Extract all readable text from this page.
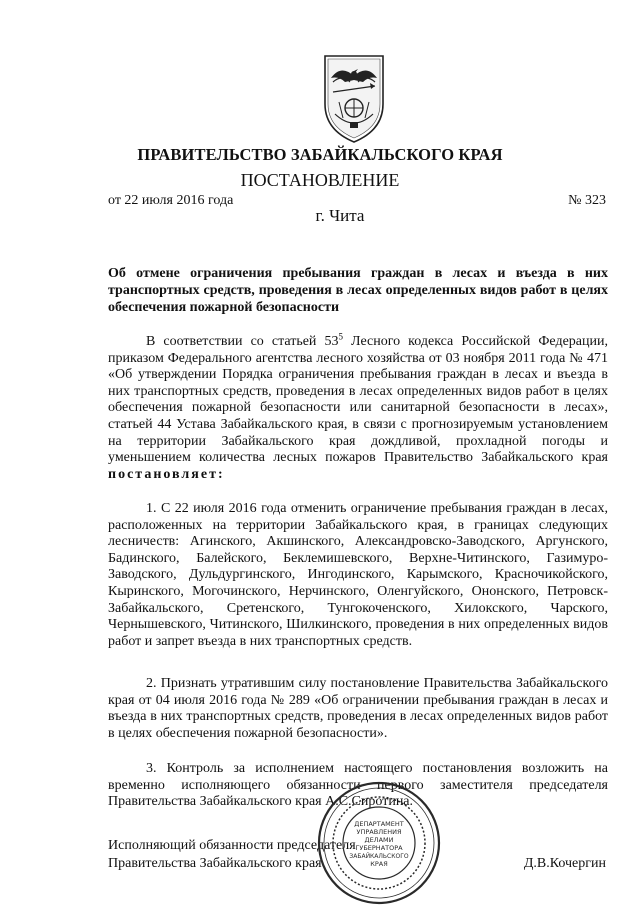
ПРАВИТЕЛЬСТВО ЗАБАЙКАЛЬСКОГО КРАЯ
ПОСТАНОВЛЕНИЕ
от 22 июля 2016 года	№ 323
г. Чита
Об отмене ограничения пребывания граждан в лесах и въезда в них транспортных средств, проведения в лесах определенных видов работ в целях обеспечения пожарной безопасности

В соответствии со статьей $53^5$ Лесного кодекса Российской Федерации, приказом Федерального агентства лесного хозяйства от 03 ноября 2011 года № 471 «Об утверждении Порядка ограничения пребывания граждан в лесах и въезда в них транспортных средств, проведения в лесах определенных видов работ в целях обеспечения пожарной безопасности или санитарной безопасности в лесах», статьей 44 Устава Забайкальского края, в связи с прогнозируемым установлением на территории Забайкальского края дождливой, прохладной погоды и уменьшением количества лесных пожаров Правительство Забайкальского края постановляет:

1. С 22 июля 2016 года отменить ограничение пребывания граждан в лесах, расположенных на территории Забайкальского края, в границах следующих лесничеств: Агинского, Акшинского, Александровско-Заводского, Аргунского, Бадинского, Балейского, Беклемишевского, Верхне-Читинского, Газимуро-Заводского, Дульдургинского, Ингодинского, Карымского, Красночикойского, Кыринского, Могочинского, Нерчинского, Оленгуйского, Ононского, Петровск-Забайкальского, Сретенского, Тунгокоченского, Хилокского, Чарского, Чернышевского, Читинского, Шилкинского, проведения в них определенных видов работ и запрет въезда в них транспортных средств.

2. Признать утратившим силу постановление Правительства Забайкальского края от 04 июля 2016 года № 289 «Об ограничении пребывания граждан в лесах и въезда в них транспортных средств, проведения в лесах определенных видов работ в целях обеспечения пожарной безопасности».

3. Контроль за исполнением настоящего постановления возложить на временно исполняющего обязанности первого заместителя председателя Правительства Забайкальского края А.С.Сиротина.

Исполняющий обязанности председателя
Правительства Забайкальского края	Д.В.Кочергин
ДЕПАРТАМЕНТ
УПРАВЛЕНИЯ
ДЕЛАМИ
ГУБЕРНАТОРА
ЗАБАЙКАЛЬСКОГО
КРАЯ
